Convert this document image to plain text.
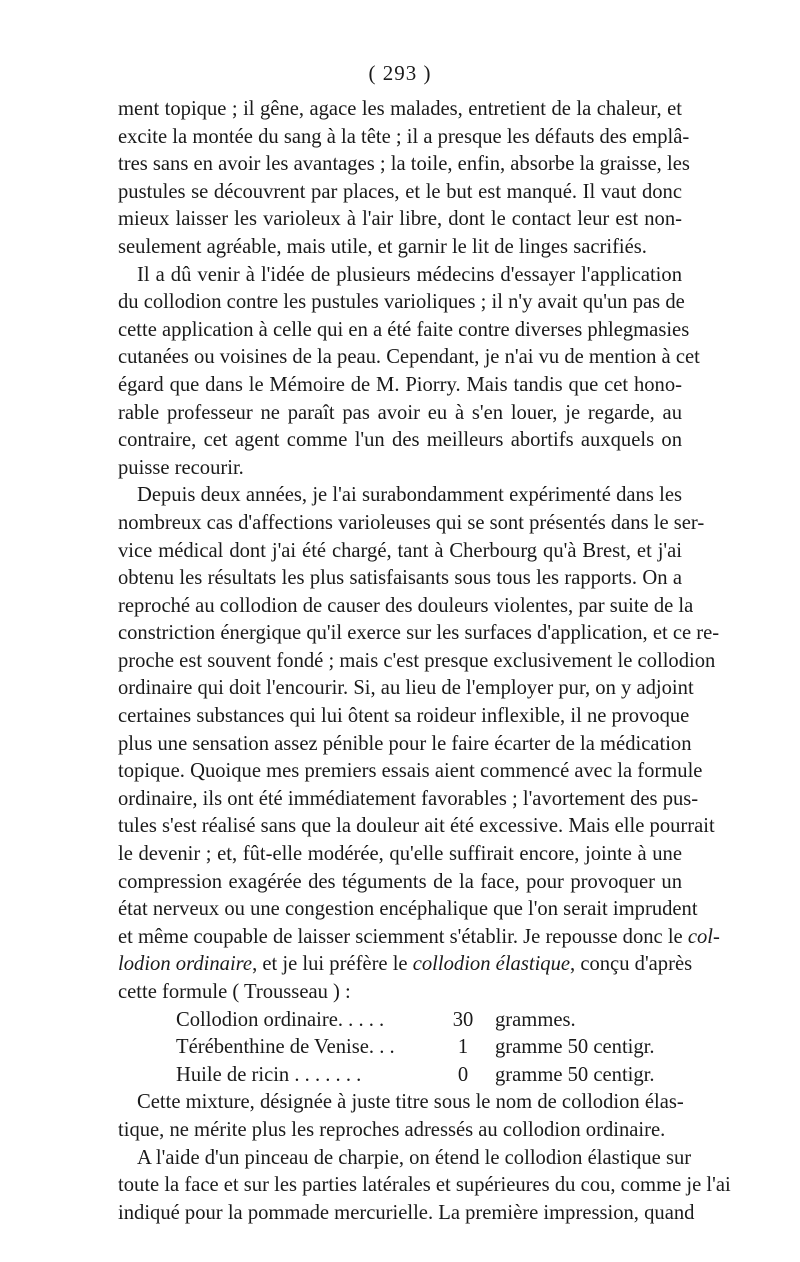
( 293 )
ment topique ; il gêne, agace les malades, entretient de la chaleur, et
excite la montée du sang à la tête ; il a presque les défauts des emplâ-
tres sans en avoir les avantages ; la toile, enfin, absorbe la graisse, les
pustules se découvrent par places, et le but est manqué. Il vaut donc
mieux laisser les varioleux à l'air libre, dont le contact leur est non-
seulement agréable, mais utile, et garnir le lit de linges sacrifiés.
Il a dû venir à l'idée de plusieurs médecins d'essayer l'application
du collodion contre les pustules varioliques ; il n'y avait qu'un pas de
cette application à celle qui en a été faite contre diverses phlegmasies
cutanées ou voisines de la peau. Cependant, je n'ai vu de mention à cet
égard que dans le Mémoire de M. Piorry. Mais tandis que cet hono-
rable professeur ne paraît pas avoir eu à s'en louer, je regarde, au
contraire, cet agent comme l'un des meilleurs abortifs auxquels on
puisse recourir.
Depuis deux années, je l'ai surabondamment expérimenté dans les
nombreux cas d'affections varioleuses qui se sont présentés dans le ser-
vice médical dont j'ai été chargé, tant à Cherbourg qu'à Brest, et j'ai
obtenu les résultats les plus satisfaisants sous tous les rapports. On a
reproché au collodion de causer des douleurs violentes, par suite de la
constriction énergique qu'il exerce sur les surfaces d'application, et ce re-
proche est souvent fondé ; mais c'est presque exclusivement le collodion
ordinaire qui doit l'encourir. Si, au lieu de l'employer pur, on y adjoint
certaines substances qui lui ôtent sa roideur inflexible, il ne provoque
plus une sensation assez pénible pour le faire écarter de la médication
topique. Quoique mes premiers essais aient commencé avec la formule
ordinaire, ils ont été immédiatement favorables ; l'avortement des pus-
tules s'est réalisé sans que la douleur ait été excessive. Mais elle pourrait
le devenir ; et, fût-elle modérée, qu'elle suffirait encore, jointe à une
compression exagérée des téguments de la face, pour provoquer un
état nerveux ou une congestion encéphalique que l'on serait imprudent
et même coupable de laisser sciemment s'établir. Je repousse donc le col-
lodion ordinaire, et je lui préfère le collodion élastique, conçu d'après
cette formule ( Trousseau ) :
Collodion ordinaire. . . . .	30	grammes.
Térébenthine de Venise. . .	1	gramme 50 centigr.
Huile de ricin . . . . . . .	0	gramme 50 centigr.
Cette mixture, désignée à juste titre sous le nom de collodion élas-
tique, ne mérite plus les reproches adressés au collodion ordinaire.
A l'aide d'un pinceau de charpie, on étend le collodion élastique sur
toute la face et sur les parties latérales et supérieures du cou, comme je l'ai
indiqué pour la pommade mercurielle. La première impression, quand
